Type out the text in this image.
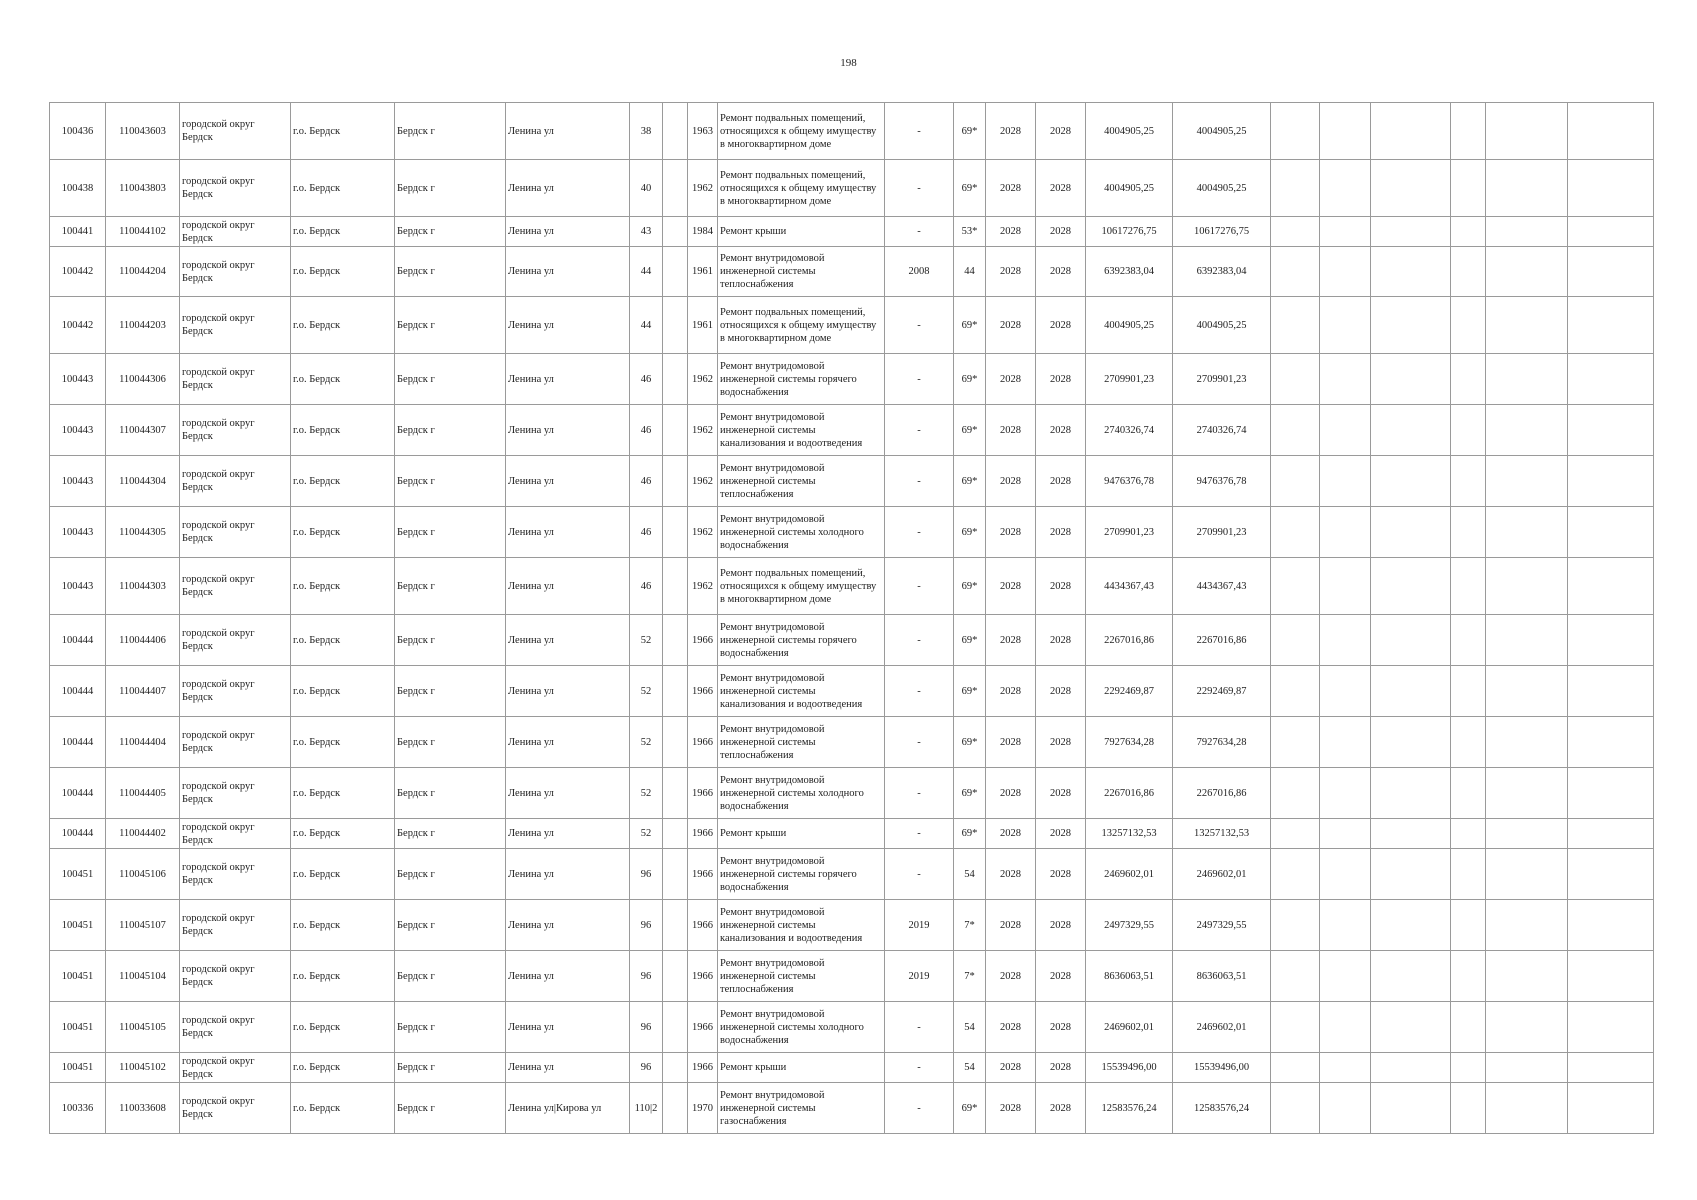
198
100436	110043603	городской округ Бердск	г.о. Бердск	Бердск г	Ленина ул	38		1963	Ремонт подвальных помещений, относящихся к общему имуществу в многоквартирном доме	-	69*	2028	2028	4004905,25	4004905,25						
100438	110043803	городской округ Бердск	г.о. Бердск	Бердск г	Ленина ул	40		1962	Ремонт подвальных помещений, относящихся к общему имуществу в многоквартирном доме	-	69*	2028	2028	4004905,25	4004905,25						
100441	110044102	городской округ Бердск	г.о. Бердск	Бердск г	Ленина ул	43		1984	Ремонт крыши	-	53*	2028	2028	10617276,75	10617276,75						
100442	110044204	городской округ Бердск	г.о. Бердск	Бердск г	Ленина ул	44		1961	Ремонт внутридомовой инженерной системы теплоснабжения	2008	44	2028	2028	6392383,04	6392383,04						
100442	110044203	городской округ Бердск	г.о. Бердск	Бердск г	Ленина ул	44		1961	Ремонт подвальных помещений, относящихся к общему имуществу в многоквартирном доме	-	69*	2028	2028	4004905,25	4004905,25						
100443	110044306	городской округ Бердск	г.о. Бердск	Бердск г	Ленина ул	46		1962	Ремонт внутридомовой инженерной системы горячего водоснабжения	-	69*	2028	2028	2709901,23	2709901,23						
100443	110044307	городской округ Бердск	г.о. Бердск	Бердск г	Ленина ул	46		1962	Ремонт внутридомовой инженерной системы канализования и водоотведения	-	69*	2028	2028	2740326,74	2740326,74						
100443	110044304	городской округ Бердск	г.о. Бердск	Бердск г	Ленина ул	46		1962	Ремонт внутридомовой инженерной системы теплоснабжения	-	69*	2028	2028	9476376,78	9476376,78						
100443	110044305	городской округ Бердск	г.о. Бердск	Бердск г	Ленина ул	46		1962	Ремонт внутридомовой инженерной системы холодного водоснабжения	-	69*	2028	2028	2709901,23	2709901,23						
100443	110044303	городской округ Бердск	г.о. Бердск	Бердск г	Ленина ул	46		1962	Ремонт подвальных помещений, относящихся к общему имуществу в многоквартирном доме	-	69*	2028	2028	4434367,43	4434367,43						
100444	110044406	городской округ Бердск	г.о. Бердск	Бердск г	Ленина ул	52		1966	Ремонт внутридомовой инженерной системы горячего водоснабжения	-	69*	2028	2028	2267016,86	2267016,86						
100444	110044407	городской округ Бердск	г.о. Бердск	Бердск г	Ленина ул	52		1966	Ремонт внутридомовой инженерной системы канализования и водоотведения	-	69*	2028	2028	2292469,87	2292469,87						
100444	110044404	городской округ Бердск	г.о. Бердск	Бердск г	Ленина ул	52		1966	Ремонт внутридомовой инженерной системы теплоснабжения	-	69*	2028	2028	7927634,28	7927634,28						
100444	110044405	городской округ Бердск	г.о. Бердск	Бердск г	Ленина ул	52		1966	Ремонт внутридомовой инженерной системы холодного водоснабжения	-	69*	2028	2028	2267016,86	2267016,86						
100444	110044402	городской округ Бердск	г.о. Бердск	Бердск г	Ленина ул	52		1966	Ремонт крыши	-	69*	2028	2028	13257132,53	13257132,53						
100451	110045106	городской округ Бердск	г.о. Бердск	Бердск г	Ленина ул	96		1966	Ремонт внутридомовой инженерной системы горячего водоснабжения	-	54	2028	2028	2469602,01	2469602,01						
100451	110045107	городской округ Бердск	г.о. Бердск	Бердск г	Ленина ул	96		1966	Ремонт внутридомовой инженерной системы канализования и водоотведения	2019	7*	2028	2028	2497329,55	2497329,55						
100451	110045104	городской округ Бердск	г.о. Бердск	Бердск г	Ленина ул	96		1966	Ремонт внутридомовой инженерной системы теплоснабжения	2019	7*	2028	2028	8636063,51	8636063,51						
100451	110045105	городской округ Бердск	г.о. Бердск	Бердск г	Ленина ул	96		1966	Ремонт внутридомовой инженерной системы холодного водоснабжения	-	54	2028	2028	2469602,01	2469602,01						
100451	110045102	городской округ Бердск	г.о. Бердск	Бердск г	Ленина ул	96		1966	Ремонт крыши	-	54	2028	2028	15539496,00	15539496,00						
100336	110033608	городской округ Бердск	г.о. Бердск	Бердск г	Ленина ул|Кирова ул	110|2		1970	Ремонт внутридомовой инженерной системы газоснабжения	-	69*	2028	2028	12583576,24	12583576,24						
